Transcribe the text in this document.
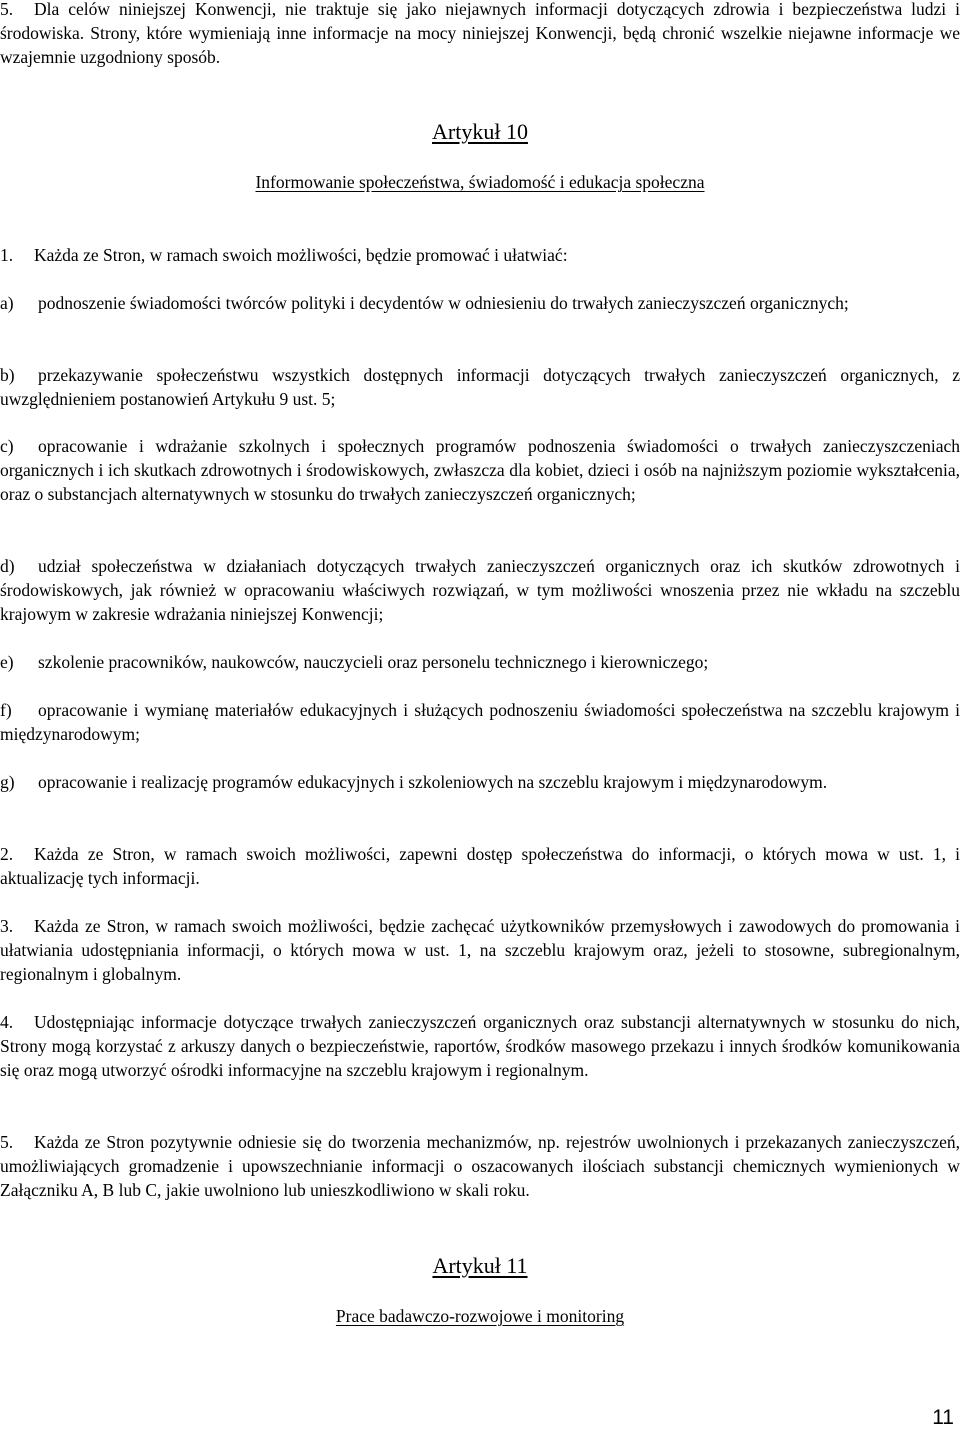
5. Dla celów niniejszej Konwencji, nie traktuje się jako niejawnych informacji dotyczących zdrowia i bezpieczeństwa ludzi i środowiska. Strony, które wymieniają inne informacje na mocy niniejszej Konwencji, będą chronić wszelkie niejawne informacje we wzajemnie uzgodniony sposób.

Artykuł 10
Informowanie społeczeństwa, świadomość i edukacja społeczna

1. Każda ze Stron, w ramach swoich możliwości, będzie promować i ułatwiać:

a) podnoszenie świadomości twórców polityki i decydentów w odniesieniu do trwałych zanieczyszczeń organicznych;

b) przekazywanie społeczeństwu wszystkich dostępnych informacji dotyczących trwałych zanieczyszczeń organicznych, z uwzględnieniem postanowień Artykułu 9 ust. 5;

c) opracowanie i wdrażanie szkolnych i społecznych programów podnoszenia świadomości o trwałych zanieczyszczeniach organicznych i ich skutkach zdrowotnych i środowiskowych, zwłaszcza dla kobiet, dzieci i osób na najniższym poziomie wykształcenia, oraz o substancjach alternatywnych w stosunku do trwałych zanieczyszczeń organicznych;

d) udział społeczeństwa w działaniach dotyczących trwałych zanieczyszczeń organicznych oraz ich skutków zdrowotnych i środowiskowych, jak również w opracowaniu właściwych rozwiązań, w tym możliwości wnoszenia przez nie wkładu na szczeblu krajowym w zakresie wdrażania niniejszej Konwencji;

e) szkolenie pracowników, naukowców, nauczycieli oraz personelu technicznego i kierowniczego;

f) opracowanie i wymianę materiałów edukacyjnych i służących podnoszeniu świadomości społeczeństwa na szczeblu krajowym i międzynarodowym;

g) opracowanie i realizację programów edukacyjnych i szkoleniowych na szczeblu krajowym i międzynarodowym.

2. Każda ze Stron, w ramach swoich możliwości, zapewni dostęp społeczeństwa do informacji, o których mowa w ust. 1, i aktualizację tych informacji.

3. Każda ze Stron, w ramach swoich możliwości, będzie zachęcać użytkowników przemysłowych i zawodowych do promowania i ułatwiania udostępniania informacji, o których mowa w ust. 1, na szczeblu krajowym oraz, jeżeli to stosowne, subregionalnym, regionalnym i globalnym.

4. Udostępniając informacje dotyczące trwałych zanieczyszczeń organicznych oraz substancji alternatywnych w stosunku do nich, Strony mogą korzystać z arkuszy danych o bezpieczeństwie, raportów, środków masowego przekazu i innych środków komunikowania się oraz mogą utworzyć ośrodki informacyjne na szczeblu krajowym i regionalnym.

5. Każda ze Stron pozytywnie odniesie się do tworzenia mechanizmów, np. rejestrów uwolnionych i przekazanych zanieczyszczeń, umożliwiających gromadzenie i upowszechnianie informacji o oszacowanych ilościach substancji chemicznych wymienionych w Załączniku A, B lub C, jakie uwolniono lub unieszkodliwiono w skali roku.

Artykuł 11
Prace badawczo-rozwojowe i monitoring
11
